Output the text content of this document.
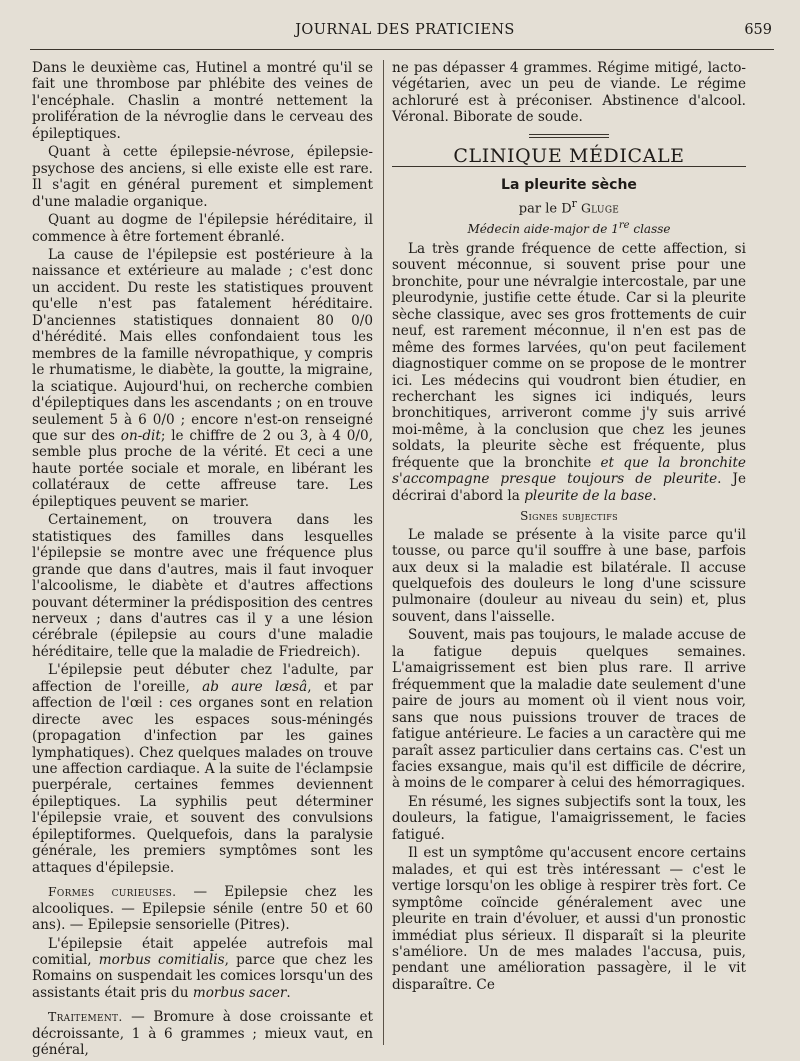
JOURNAL DES PRATICIENS	659

Dans le deuxième cas, Hutinel a montré qu'il se fait une thrombose par phlébite des veines de l'encéphale. Chaslin a montré nettement la prolifération de la névroglie dans le cerveau des épileptiques.

Quant à cette épilepsie-névrose, épilepsie-psychose des anciens, si elle existe elle est rare. Il s'agit en général purement et simplement d'une maladie organique.

Quant au dogme de l'épilepsie héréditaire, il commence à être fortement ébranlé.

La cause de l'épilepsie est postérieure à la naissance et extérieure au malade ; c'est donc un accident. Du reste les statistiques prouvent qu'elle n'est pas fatalement héréditaire. D'anciennes statistiques donnaient 80 0/0 d'hérédité. Mais elles confondaient tous les membres de la famille névropathique, y compris le rhumatisme, le diabète, la goutte, la migraine, la sciatique. Aujourd'hui, on recherche combien d'épileptiques dans les ascendants ; on en trouve seulement 5 à 6 0/0 ; encore n'est-on renseigné que sur des on-dit; le chiffre de 2 ou 3, à 4 0/0, semble plus proche de la vérité. Et ceci a une haute portée sociale et morale, en libérant les collatéraux de cette affreuse tare. Les épileptiques peuvent se marier.

Certainement, on trouvera dans les statistiques des familles dans lesquelles l'épilepsie se montre avec une fréquence plus grande que dans d'autres, mais il faut invoquer l'alcoolisme, le diabète et d'autres affections pouvant déterminer la prédisposition des centres nerveux ; dans d'autres cas il y a une lésion cérébrale (épilepsie au cours d'une maladie héréditaire, telle que la maladie de Friedreich).

L'épilepsie peut débuter chez l'adulte, par affection de l'oreille, ab aure læsâ, et par affection de l'œil : ces organes sont en relation directe avec les espaces sous-méningés (propagation d'infection par les gaines lymphatiques). Chez quelques malades on trouve une affection cardiaque. A la suite de l'éclampsie puerpérale, certaines femmes deviennent épileptiques. La syphilis peut déterminer l'épilepsie vraie, et souvent des convulsions épileptiformes. Quelquefois, dans la paralysie générale, les premiers symptômes sont les attaques d'épilepsie.

Formes curieuses. — Epilepsie chez les alcooliques. — Epilepsie sénile (entre 50 et 60 ans). — Epilepsie sensorielle (Pitres).

L'épilepsie était appelée autrefois mal comitial, morbus comitialis, parce que chez les Romains on suspendait les comices lorsqu'un des assistants était pris du morbus sacer.

Traitement. — Bromure à dose croissante et décroissante, 1 à 6 grammes ; mieux vaut, en général,

ne pas dépasser 4 grammes. Régime mitigé, lacto-végétarien, avec un peu de viande. Le régime achloruré est à préconiser. Abstinence d'alcool. Véronal. Biborate de soude.

CLINIQUE MÉDICALE
La pleurite sèche
par le $D^r$ Gluge
Médecin aide-major de 1re classe

La très grande fréquence de cette affection, si souvent méconnue, si souvent prise pour une bronchite, pour une névralgie intercostale, par une pleurodynie, justifie cette étude. Car si la pleurite sèche classique, avec ses gros frottements de cuir neuf, est rarement méconnue, il n'en est pas de même des formes larvées, qu'on peut facilement diagnostiquer comme on se propose de le montrer ici. Les médecins qui voudront bien étudier, en recherchant les signes ici indiqués, leurs bronchitiques, arriveront comme j'y suis arrivé moi-même, à la conclusion que chez les jeunes soldats, la pleurite sèche est fréquente, plus fréquente que la bronchite et que la bronchite s'accompagne presque toujours de pleurite. Je décrirai d'abord la pleurite de la base.

Signes subjectifs

Le malade se présente à la visite parce qu'il tousse, ou parce qu'il souffre à une base, parfois aux deux si la maladie est bilatérale. Il accuse quelquefois des douleurs le long d'une scissure pulmonaire (douleur au niveau du sein) et, plus souvent, dans l'aisselle.

Souvent, mais pas toujours, le malade accuse de la fatigue depuis quelques semaines. L'amaigrissement est bien plus rare. Il arrive fréquemment que la maladie date seulement d'une paire de jours au moment où il vient nous voir, sans que nous puissions trouver de traces de fatigue antérieure. Le facies a un caractère qui me paraît assez particulier dans certains cas. C'est un facies exsangue, mais qu'il est difficile de décrire, à moins de le comparer à celui des hémorragiques.

En résumé, les signes subjectifs sont la toux, les douleurs, la fatigue, l'amaigrissement, le facies fatigué.

Il est un symptôme qu'accusent encore certains malades, et qui est très intéressant — c'est le vertige lorsqu'on les oblige à respirer très fort. Ce symptôme coïncide généralement avec une pleurite en train d'évoluer, et aussi d'un pronostic immédiat plus sérieux. Il disparaît si la pleurite s'améliore. Un de mes malades l'accusa, puis, pendant une amélioration passagère, il le vit disparaître. Ce
